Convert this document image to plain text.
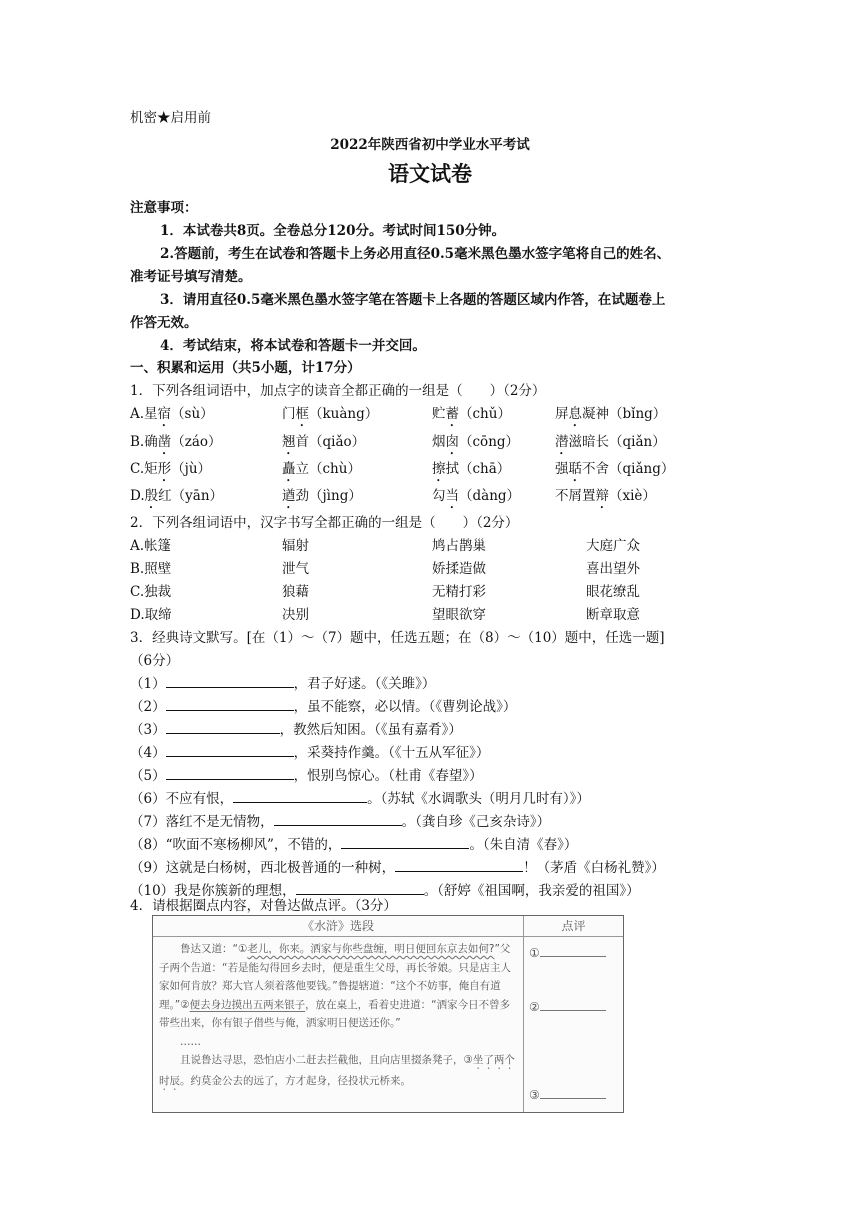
机密★启用前
2022年陕西省初中学业水平考试
语文试卷
注意事项：
1．本试卷共8页。全卷总分120分。考试时间150分钟。
2.答题前，考生在试卷和答题卡上务必用直径0.5毫米黑色墨水签字笔将自己的姓名、
准考证号填写清楚。
3．请用直径0.5毫米黑色墨水签字笔在答题卡上各题的答题区域内作答，在试题卷上
作答无效。
4．考试结束，将本试卷和答题卡一并交回。
一、积累和运用（共5小题，计17分）
1．下列各组词语中，加点字的读音全都正确的一组是（　　）（2分）
A.星宿（sù）	门框（kuàng）	贮蓄（chǔ）	屏息凝神（bǐng）
B.确凿（záo）	翘首（qiǎo）	烟囱（cōng）	潜滋暗长（qiǎn）
C.矩形（jù）	矗立（chù）	擦拭（chā）	强聒不舍（qiǎng）
D.殷红（yān）	遒劲（jìng）	勾当（dàng）	不屑置辩（xiè）
2．下列各组词语中，汉字书写全都正确的一组是（　　）（2分）
A.帐篷	辐射	鸠占鹊巢	大庭广众
B.照壁	泄气	娇揉造做	喜出望外
C.独裁	狼藉	无精打彩	眼花缭乱
D.取缔	决别	望眼欲穿	断章取意
3．经典诗文默写。[在（1）～（7）题中，任选五题；在（8）～（10）题中，任选一题]
（6分）
（1）	，君子好逑。（《关雎》）
（2）	，虽不能察，必以情。（《曹刿论战》）
（3）	，教然后知困。（《虽有嘉肴》）
（4）	，采葵持作羹。（《十五从军征》）
（5）	，恨别鸟惊心。（杜甫《春望》）
（6）不应有恨，	。（苏轼《水调歌头（明月几时有）》）
（7）落红不是无情物，	。（龚自珍《己亥杂诗》）
（8）“吹面不寒杨柳风”，不错的，	。（朱自清《春》）
（9）这就是白杨树，西北极普通的一种树，	！（茅盾《白杨礼赞》）
（10）我是你簇新的理想，	。（舒婷《祖国啊，我亲爱的祖国》）
4．请根据圈点内容，对鲁达做点评。（3分）
《水浒》选段	点评
鲁达又道：“①老儿，你来。洒家与你些盘缠，明日便回东京去如何?”父子两个告道：“若是能勾得回乡去时，便是重生父母，再长爷娘。只是店主人家如何肯放？郑大官人须着落他要钱。”鲁提辖道：“这个不妨事，俺自有道理。”②便去身边摸出五两来银子，放在桌上，看着史进道：“洒家今日不曾多带些出来，你有银子借些与俺，洒家明日便送还你。”
……
且说鲁达寻思，恐怕店小二赶去拦截他，且向店里掇条凳子，③坐了两个时辰。约莫金公去的远了，方才起身，径投状元桥来。
①
②
③
